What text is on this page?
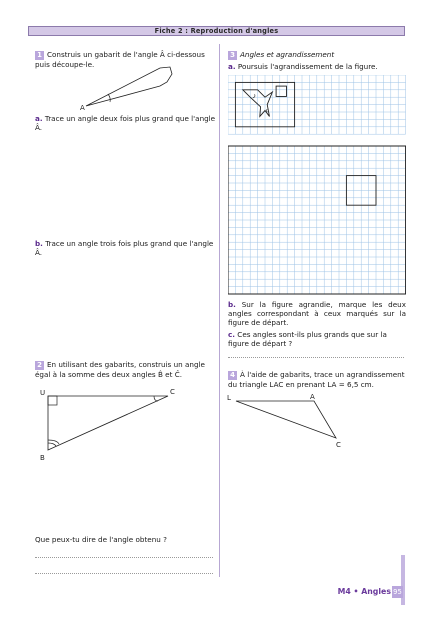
Fiche 2 : Reproduction d'angles
1 Construis un gabarit de l'angle Â ci-dessous puis découpe-le.
A
a. Trace un angle deux fois plus grand que l'angle Â.
b. Trace un angle trois fois plus grand que l'angle Â.
2 En utilisant des gabarits, construis un angle égal à la somme des deux angles B̂ et Ĉ.
U	C
B
Que peux-tu dire de l'angle obtenu ?
3 Angles et agrandissement
a. Poursuis l'agrandissement de la figure.
b. Sur la figure agrandie, marque les deux angles correspondant à ceux marqués sur la figure de départ.
c. Ces angles sont-ils plus grands que sur la figure de départ ?
4 À l'aide de gabarits, trace un agrandissement du triangle LAC en prenant LA = 6,5 cm.
L	A
C
M4 • Angles 95
